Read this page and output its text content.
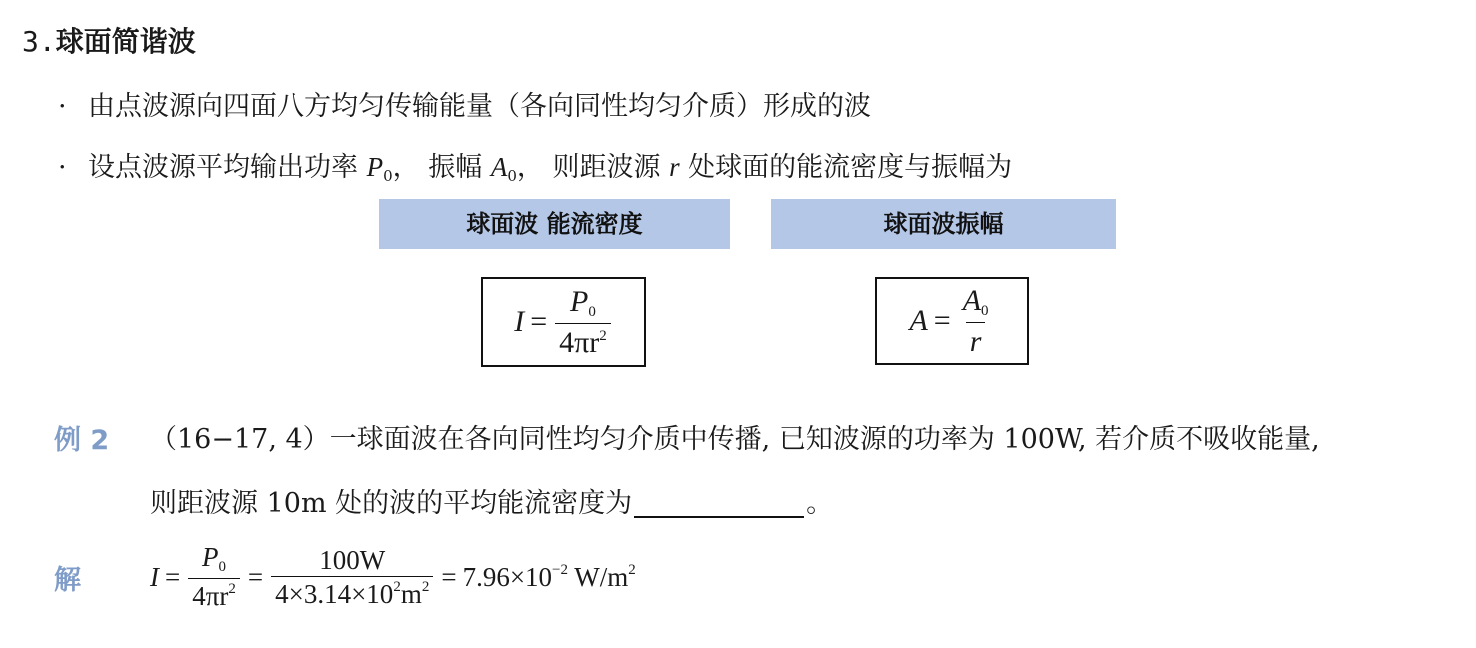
3.球面简谐波
· 由点波源向四面八方均匀传输能量（各向同性均匀介质）形成的波
· 设点波源平均输出功率 $P_0$， 振幅 $A_0$， 则距波源 r 处球面的能流密度与振幅为
球面波 能流密度	球面波振幅
$I = \frac{P_0}{4\pi r^2}$	$A = \frac{A_0}{r}$
例 2 （16−17, 4）一球面波在各向同性均匀介质中传播, 已知波源的功率为 100W, 若介质不吸收能量,
则距波源 10m 处的波的平均能流密度为	。
解	$I = \frac{P_0}{4\pi r^2} = \frac{100W}{4\times 3.14\times 10^2m^2} = 7.96\times 10^{-2}$ $W/m^2$
